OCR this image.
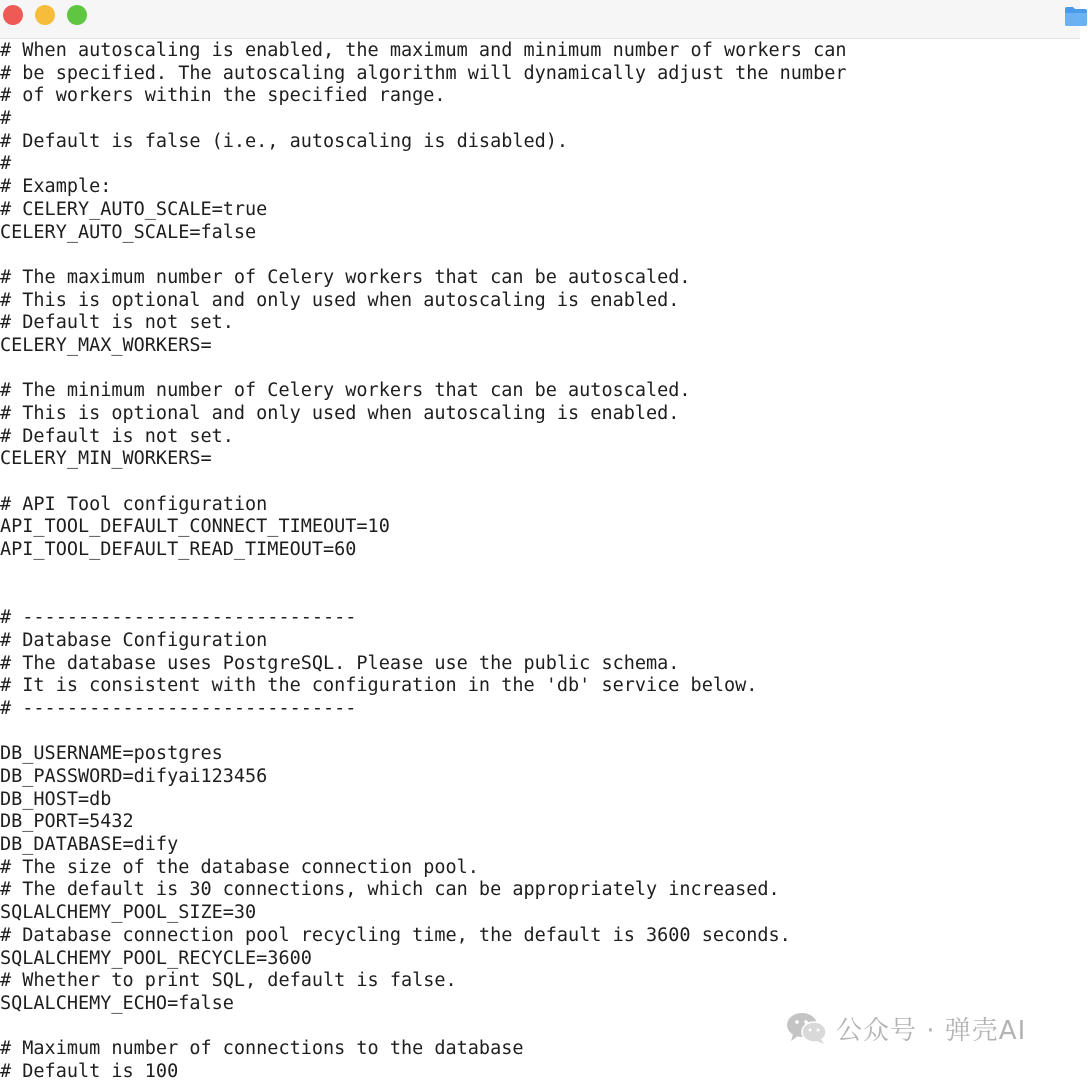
# When autoscaling is enabled, the maximum and minimum number of workers can
# be specified. The autoscaling algorithm will dynamically adjust the number
# of workers within the specified range.
#
# Default is false (i.e., autoscaling is disabled).
#
# Example:
# CELERY_AUTO_SCALE=true
CELERY_AUTO_SCALE=false
# The maximum number of Celery workers that can be autoscaled.
# This is optional and only used when autoscaling is enabled.
# Default is not set.
CELERY_MAX_WORKERS=
# The minimum number of Celery workers that can be autoscaled.
# This is optional and only used when autoscaling is enabled.
# Default is not set.
CELERY_MIN_WORKERS=
# API Tool configuration
API_TOOL_DEFAULT_CONNECT_TIMEOUT=10
API_TOOL_DEFAULT_READ_TIMEOUT=60
# ------------------------------
# Database Configuration
# The database uses PostgreSQL. Please use the public schema.
# It is consistent with the configuration in the 'db' service below.
# ------------------------------
DB_USERNAME=postgres
DB_PASSWORD=difyai123456
DB_HOST=db
DB_PORT=5432
DB_DATABASE=dify
# The size of the database connection pool.
# The default is 30 connections, which can be appropriately increased.
SQLALCHEMY_POOL_SIZE=30
# Database connection pool recycling time, the default is 3600 seconds.
SQLALCHEMY_POOL_RECYCLE=3600
# Whether to print SQL, default is false.
SQLALCHEMY_ECHO=false
# Maximum number of connections to the database
# Default is 100
公众号 · 弹壳AI
